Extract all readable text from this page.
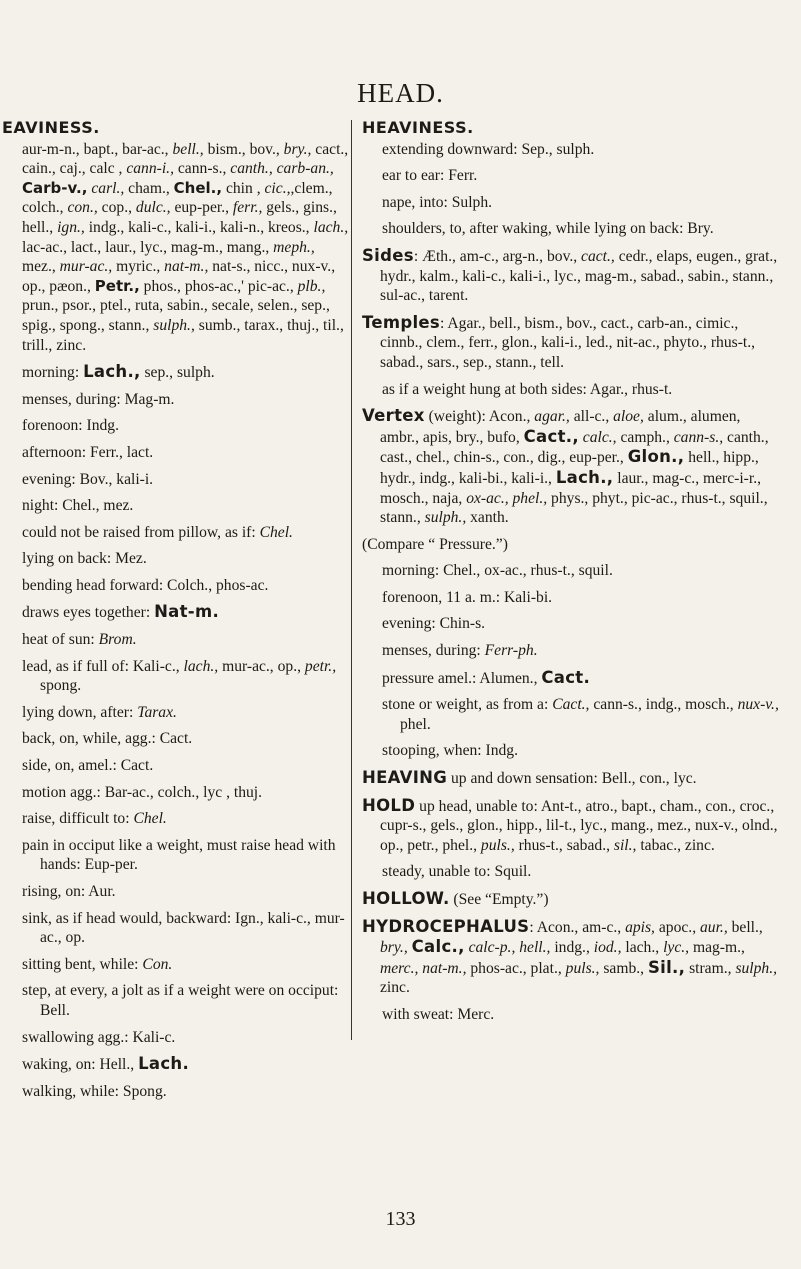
HEAD.
EAVINESS.
aur-m-n., bapt., bar-ac., bell., bism., bov., bry., cact., cain., caj., calc , cann-i., cann-s., canth., carb-an., Carb-v., carl., cham., Chel., chin , cic.,,clem., colch., con., cop., dulc., eup-per., ferr., gels., gins., hell., ign., indg., kali-c., kali-i., kali-n., kreos., lach., lac-ac., lact., laur., lyc., mag-m., mang., meph., mez., mur-ac., myric., nat-m., nat-s., nicc., nux-v., op., pæon., Petr., phos., phos-ac.,' pic-ac., plb., prun., psor., ptel., ruta, sabin., secale, selen., sep., spig., spong., stann., sulph., sumb., tarax., thuj., til., trill., zinc.
morning: Lach., sep., sulph.
menses, during: Mag-m.
forenoon: Indg.
afternoon: Ferr., lact.
evening: Bov., kali-i.
night: Chel., mez.
could not be raised from pillow, as if: Chel.
lying on back: Mez.
bending head forward: Colch., phos-ac.
draws eyes together: Nat-m.
heat of sun: Brom.
lead, as if full of: Kali-c., lach., mur-ac., op., petr., spong.
lying down, after: Tarax.
back, on, while, agg.: Cact.
side, on, amel.: Cact.
motion agg.: Bar-ac., colch., lyc , thuj.
raise, difficult to: Chel.
pain in occiput like a weight, must raise head with hands: Eup-per.
rising, on: Aur.
sink, as if head would, backward: Ign., kali-c., mur-ac., op.
sitting bent, while: Con.
step, at every, a jolt as if a weight were on occiput: Bell.
swallowing agg.: Kali-c.
waking, on: Hell., Lach.
walking, while: Spong.
HEAVINESS.
extending downward: Sep., sulph.
ear to ear: Ferr.
nape, into: Sulph.
shoulders, to, after waking, while lying on back: Bry.
Sides: Æth., am-c., arg-n., bov., cact., cedr., elaps, eugen., grat., hydr., kalm., kali-c., kali-i., lyc., mag-m., sabad., sabin., stann., sul-ac., tarent.
Temples: Agar., bell., bism., bov., cact., carb-an., cimic., cinnb., clem., ferr., glon., kali-i., led., nit-ac., phyto., rhus-t., sabad., sars., sep., stann., tell.
as if a weight hung at both sides: Agar., rhus-t.
Vertex (weight): Acon., agar., all-c., aloe, alum., alumen, ambr., apis, bry., bufo, Cact., calc., camph., cann-s., canth., cast., chel., chin-s., con., dig., eup-per., Glon., hell., hipp., hydr., indg., kali-bi., kali-i., Lach., laur., mag-c., merc-i-r., mosch., naja, ox-ac., phel., phys., phyt., pic-ac., rhus-t., squil., stann., sulph., xanth.
(Compare “ Pressure.”)
morning: Chel., ox-ac., rhus-t., squil.
forenoon, 11 a. m.: Kali-bi.
evening: Chin-s.
menses, during: Ferr-ph.
pressure amel.: Alumen., Cact.
stone or weight, as from a: Cact., cann-s., indg., mosch., nux-v., phel.
stooping, when: Indg.
HEAVING up and down sensation: Bell., con., lyc.
HOLD up head, unable to: Ant-t., atro., bapt., cham., con., croc., cupr-s., gels., glon., hipp., lil-t., lyc., mang., mez., nux-v., olnd., op., petr., phel., puls., rhus-t., sabad., sil., tabac., zinc.
steady, unable to: Squil.
HOLLOW. (See “Empty.”)
HYDROCEPHALUS: Acon., am-c., apis, apoc., aur., bell., bry., Calc., calc-p., hell., indg., iod., lach., lyc., mag-m., merc., nat-m., phos-ac., plat., puls., samb., Sil., stram., sulph., zinc.
with sweat: Merc.
133
